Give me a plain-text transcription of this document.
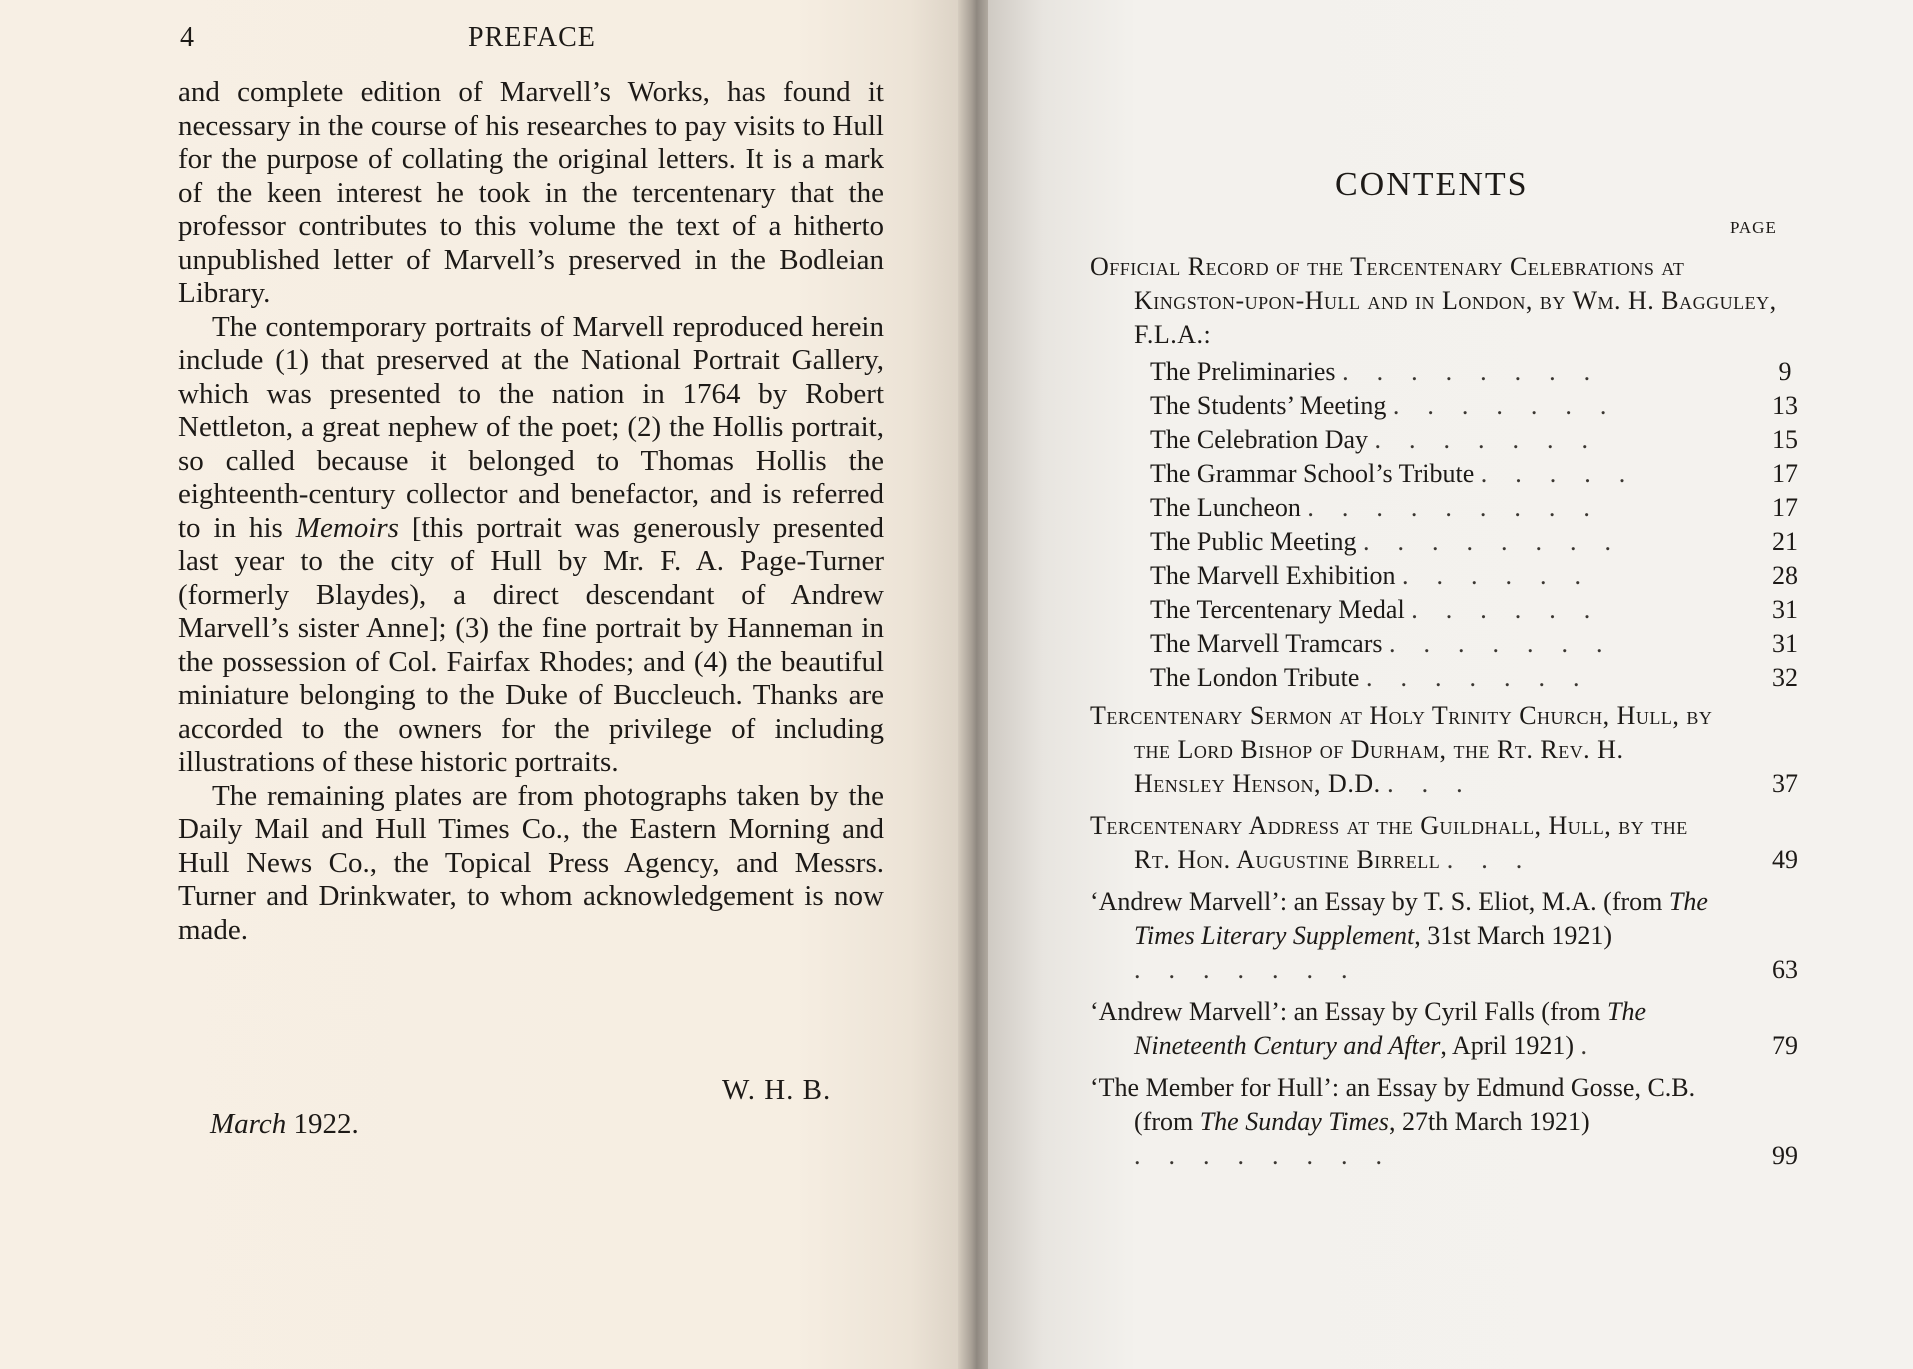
4	PREFACE

and complete edition of Marvell’s Works, has found it necessary in the course of his researches to pay visits to Hull for the purpose of collating the original letters. It is a mark of the keen interest he took in the tercentenary that the professor contributes to this volume the text of a hitherto unpublished letter of Marvell’s preserved in the Bodleian Library.

The contemporary portraits of Marvell reproduced herein include (1) that preserved at the National Portrait Gallery, which was presented to the nation in 1764 by Robert Nettleton, a great nephew of the poet; (2) the Hollis portrait, so called because it belonged to Thomas Hollis the eighteenth-century collector and benefactor, and is referred to in his Memoirs [this portrait was generously presented last year to the city of Hull by Mr. F. A. Page-Turner (formerly Blaydes), a direct descendant of Andrew Marvell’s sister Anne]; (3) the fine portrait by Hanneman in the possession of Col. Fairfax Rhodes; and (4) the beautiful miniature belonging to the Duke of Buccleuch. Thanks are accorded to the owners for the privilege of including illustrations of these historic portraits.

The remaining plates are from photographs taken by the Daily Mail and Hull Times Co., the Eastern Morning and Hull News Co., the Topical Press Agency, and Messrs. Turner and Drinkwater, to whom acknowledgement is now made.

W. H. B.
March 1922.
CONTENTS
PAGE
Official Record of the Tercentenary Celebrations at Kingston-upon-Hull and in London, by Wm. H. Bagguley, F.L.A.:
The Preliminaries ........	9
The Students’ Meeting .......	13
The Celebration Day .......	15
The Grammar School’s Tribute .....	17
The Luncheon .........	17
The Public Meeting ........	21
The Marvell Exhibition ......	28
The Tercentenary Medal ......	31
The Marvell Tramcars .......	31
The London Tribute .......	32
Tercentenary Sermon at Holy Trinity Church, Hull, by the Lord Bishop of Durham, the Rt. Rev. H. Hensley Henson, D.D. ...	37
Tercentenary Address at the Guildhall, Hull, by the Rt. Hon. Augustine Birrell ...	49
‘Andrew Marvell’: an Essay by T. S. Eliot, M.A. (from The Times Literary Supplement, 31st March 1921) .......	63
‘Andrew Marvell’: an Essay by Cyril Falls (from The Nineteenth Century and After, April 1921) .	79
‘The Member for Hull’: an Essay by Edmund Gosse, C.B. (from The Sunday Times, 27th March 1921) ........	99
